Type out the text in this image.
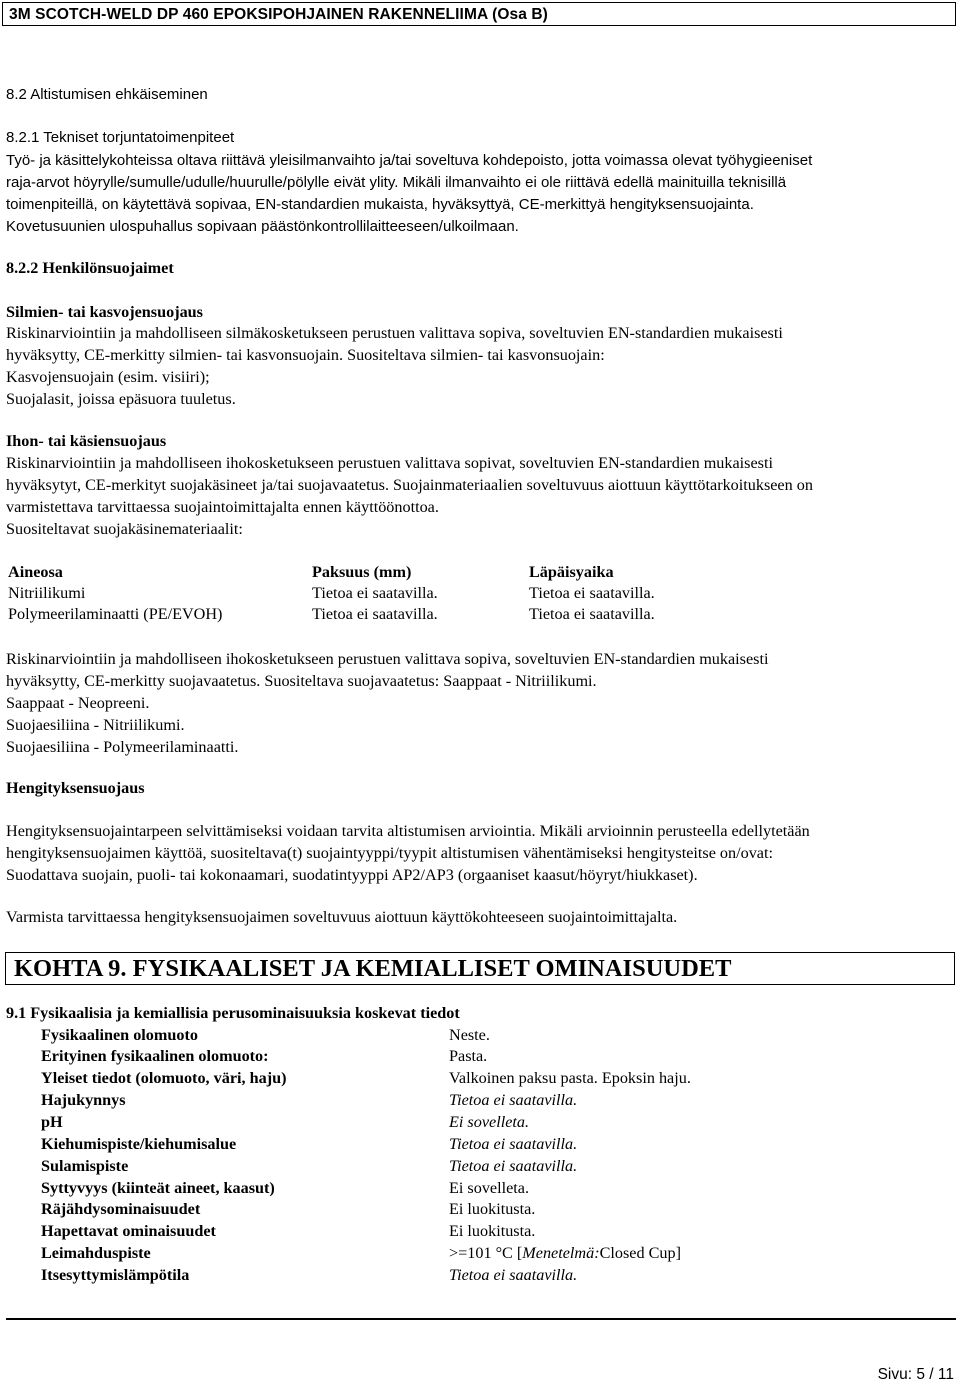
3M SCOTCH-WELD DP 460 EPOKSIPOHJAINEN RAKENNELIIMA (Osa B)
8.2 Altistumisen ehkäiseminen
8.2.1 Tekniset torjuntatoimenpiteet
Työ- ja käsittelykohteissa oltava riittävä yleisilmanvaihto ja/tai soveltuva kohdepoisto, jotta voimassa olevat työhygieeniset
raja-arvot höyrylle/sumulle/udulle/huurulle/pölylle eivät ylity. Mikäli ilmanvaihto ei ole riittävä edellä mainituilla teknisillä
toimenpiteillä, on käytettävä sopivaa, EN-standardien mukaista, hyväksyttyä, CE-merkittyä hengityksensuojainta.
Kovetusuunien ulospuhallus sopivaan päästönkontrollilaitteeseen/ulkoilmaan.
8.2.2 Henkilönsuojaimet
Silmien- tai kasvojensuojaus
Riskinarviointiin ja mahdolliseen silmäkosketukseen perustuen valittava sopiva, soveltuvien EN-standardien mukaisesti
hyväksytty, CE-merkitty silmien- tai kasvonsuojain. Suositeltava silmien- tai kasvonsuojain:
Kasvojensuojain (esim. visiiri);
Suojalasit, joissa epäsuora tuuletus.
Ihon- tai käsiensuojaus
Riskinarviointiin ja mahdolliseen ihokosketukseen perustuen valittava sopivat, soveltuvien EN-standardien mukaisesti
hyväksytyt, CE-merkityt suojakäsineet ja/tai suojavaatetus. Suojainmateriaalien soveltuvuus aiottuun käyttötarkoitukseen on
varmistettava tarvittaessa suojaintoimittajalta ennen käyttöönottoa.
Suositeltavat suojakäsinemateriaalit:
Aineosa	Paksuus (mm)	Läpäisyaika
Nitriilikumi	Tietoa ei saatavilla.	Tietoa ei saatavilla.
Polymeerilaminaatti (PE/EVOH)	Tietoa ei saatavilla.	Tietoa ei saatavilla.
Riskinarviointiin ja mahdolliseen ihokosketukseen perustuen valittava sopiva, soveltuvien EN-standardien mukaisesti
hyväksytty, CE-merkitty suojavaatetus. Suositeltava suojavaatetus: Saappaat - Nitriilikumi.
Saappaat - Neopreeni.
Suojaesiliina - Nitriilikumi.
Suojaesiliina - Polymeerilaminaatti.
Hengityksensuojaus
Hengityksensuojaintarpeen selvittämiseksi voidaan tarvita altistumisen arviointia. Mikäli arvioinnin perusteella edellytetään
hengityksensuojaimen käyttöä, suositeltava(t) suojaintyyppi/tyypit altistumisen vähentämiseksi hengitysteitse on/ovat:
Suodattava suojain, puoli- tai kokonaamari, suodatintyyppi AP2/AP3 (orgaaniset kaasut/höyryt/hiukkaset).
Varmista tarvittaessa hengityksensuojaimen soveltuvuus aiottuun käyttökohteeseen suojaintoimittajalta.
KOHTA 9. FYSIKAALISET JA KEMIALLISET OMINAISUUDET
9.1 Fysikaalisia ja kemiallisia perusominaisuuksia koskevat tiedot
Fysikaalinen olomuoto	Neste.
Erityinen fysikaalinen olomuoto:	Pasta.
Yleiset tiedot (olomuoto, väri, haju)	Valkoinen paksu pasta. Epoksin haju.
Hajukynnys	Tietoa ei saatavilla.
pH	Ei sovelleta.
Kiehumispiste/kiehumisalue	Tietoa ei saatavilla.
Sulamispiste	Tietoa ei saatavilla.
Syttyvyys (kiinteät aineet, kaasut)	Ei sovelleta.
Räjähdysominaisuudet	Ei luokitusta.
Hapettavat ominaisuudet	Ei luokitusta.
Leimahduspiste	>=101 °C [Menetelmä:Closed Cup]
Itsesyttymislämpötila	Tietoa ei saatavilla.
Sivu: 5 / 11
